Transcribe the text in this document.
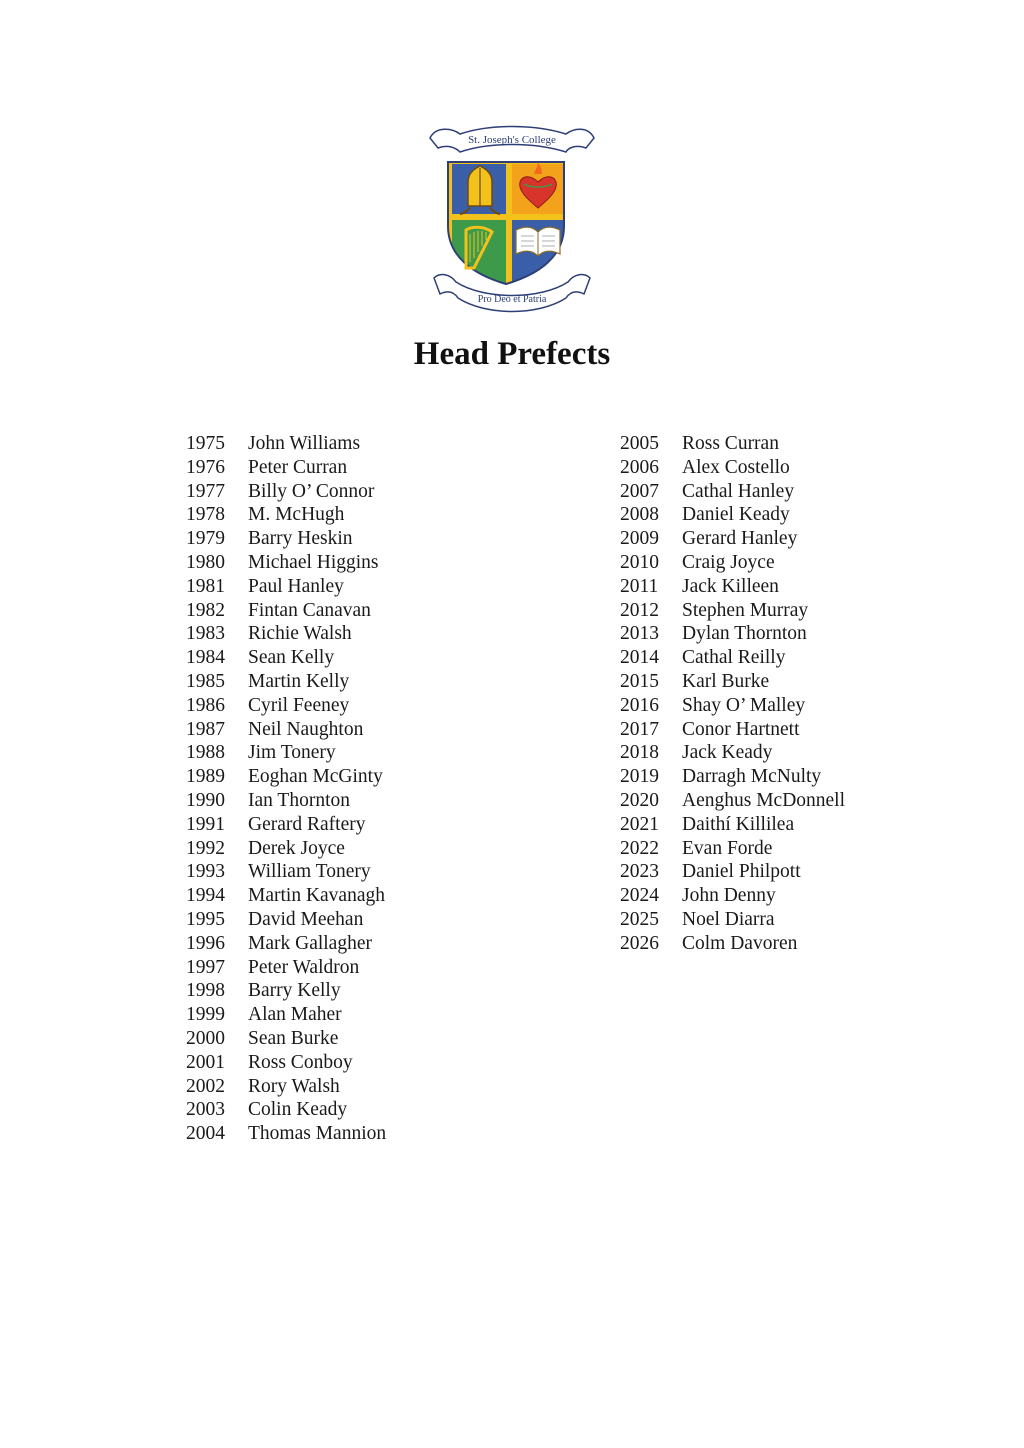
St. Joseph's College
Pro Deo et Patria
Head Prefects
1975 John Williams
1976 Peter Curran
1977 Billy O’ Connor
1978 M. McHugh
1979 Barry Heskin
1980 Michael Higgins
1981 Paul Hanley
1982 Fintan Canavan
1983 Richie Walsh
1984 Sean Kelly
1985 Martin Kelly
1986 Cyril Feeney
1987 Neil Naughton
1988 Jim Tonery
1989 Eoghan McGinty
1990 Ian Thornton
1991 Gerard Raftery
1992 Derek Joyce
1993 William Tonery
1994 Martin Kavanagh
1995 David Meehan
1996 Mark Gallagher
1997 Peter Waldron
1998 Barry Kelly
1999 Alan Maher
2000 Sean Burke
2001 Ross Conboy
2002 Rory Walsh
2003 Colin Keady
2004 Thomas Mannion
2005 Ross Curran
2006 Alex Costello
2007 Cathal Hanley
2008 Daniel Keady
2009 Gerard Hanley
2010 Craig Joyce
2011 Jack Killeen
2012 Stephen Murray
2013 Dylan Thornton
2014 Cathal Reilly
2015 Karl Burke
2016 Shay O’ Malley
2017 Conor Hartnett
2018 Jack Keady
2019 Darragh McNulty
2020 Aenghus McDonnell
2021 Daithí Killilea
2022 Evan Forde
2023 Daniel Philpott
2024 John Denny
2025 Noel Diarra
2026 Colm Davoren
